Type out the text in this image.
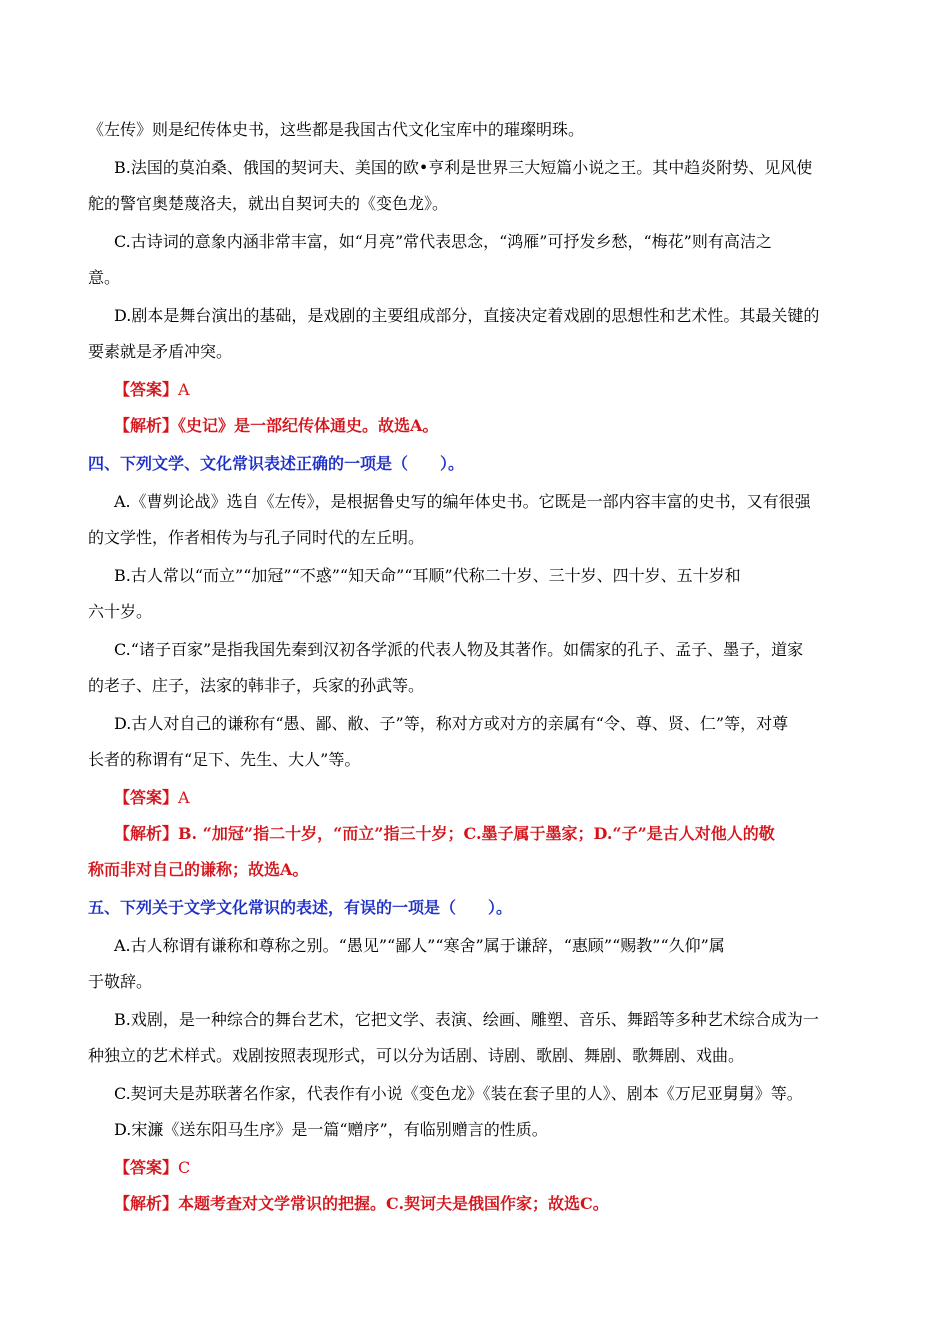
《左传》则是纪传体史书，这些都是我国古代文化宝库中的璀璨明珠。
B.法国的莫泊桑、俄国的契诃夫、美国的欧•亨利是世界三大短篇小说之王。其中趋炎附势、见风使
舵的警官奥楚蔑洛夫，就出自契诃夫的《变色龙》。
C.古诗词的意象内涵非常丰富，如“月亮”常代表思念，“鸿雁”可抒发乡愁，“梅花”则有高洁之
意。
D.剧本是舞台演出的基础，是戏剧的主要组成部分，直接决定着戏剧的思想性和艺术性。其最关键的
要素就是矛盾冲突。
【答案】A
【解析】《史记》是一部纪传体通史。故选A。
四、下列文学、文化常识表述正确的一项是（　　）。
A.《曹刿论战》选自《左传》，是根据鲁史写的编年体史书。它既是一部内容丰富的史书，又有很强
的文学性，作者相传为与孔子同时代的左丘明。
B.古人常以“而立”“加冠”“不惑”“知天命”“耳顺”代称二十岁、三十岁、四十岁、五十岁和
六十岁。
C.“诸子百家”是指我国先秦到汉初各学派的代表人物及其著作。如儒家的孔子、孟子、墨子，道家
的老子、庄子，法家的韩非子，兵家的孙武等。
D.古人对自己的谦称有“愚、鄙、敝、子”等，称对方或对方的亲属有“令、尊、贤、仁”等，对尊
长者的称谓有“足下、先生、大人”等。
【答案】A
【解析】B. “加冠”指二十岁，“而立”指三十岁；C.墨子属于墨家；D.“子”是古人对他人的敬
称而非对自己的谦称；故选A。
五、下列关于文学文化常识的表述，有误的一项是（　　）。
A.古人称谓有谦称和尊称之别。“愚见”“鄙人”“寒舍”属于谦辞，“惠顾”“赐教”“久仰”属
于敬辞。
B.戏剧，是一种综合的舞台艺术，它把文学、表演、绘画、雕塑、音乐、舞蹈等多种艺术综合成为一
种独立的艺术样式。戏剧按照表现形式，可以分为话剧、诗剧、歌剧、舞剧、歌舞剧、戏曲。
C.契诃夫是苏联著名作家，代表作有小说《变色龙》《装在套子里的人》、剧本《万尼亚舅舅》等。
D.宋濂《送东阳马生序》是一篇“赠序”，有临别赠言的性质。
【答案】C
【解析】本题考查对文学常识的把握。C.契诃夫是俄国作家；故选C。
